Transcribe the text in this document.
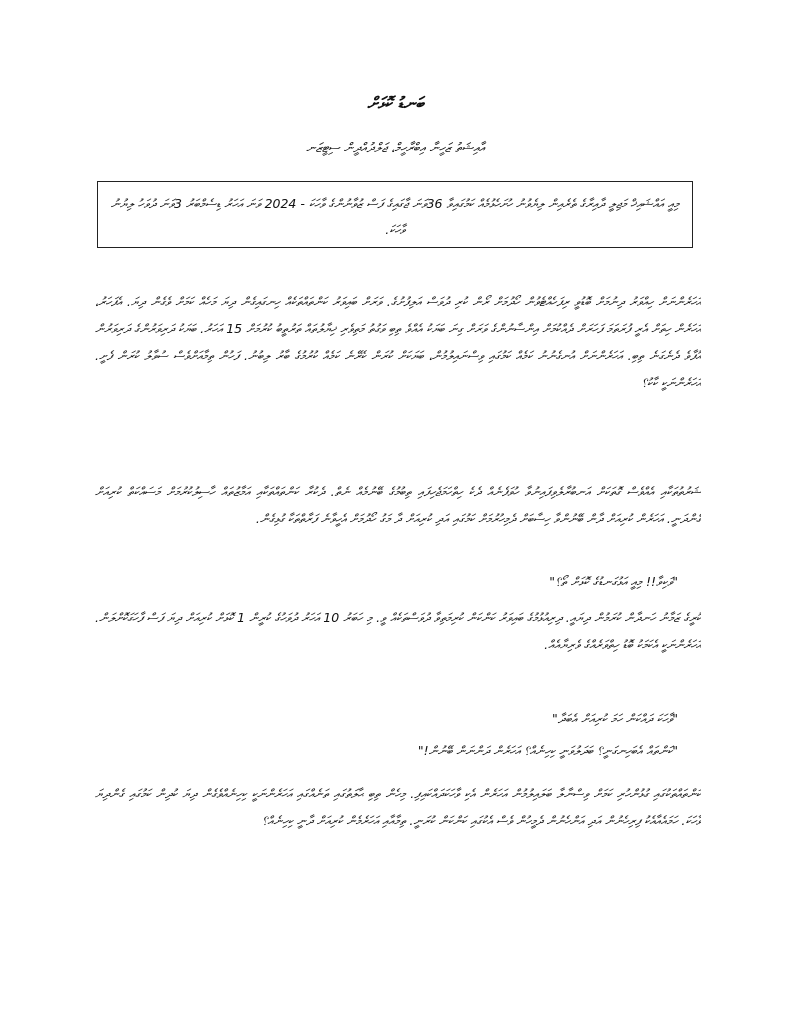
ބަނޑު ކޮޅަށް

އާއިޝަތު ޒަހީނާ އިބްރާހީމް، ޖަލްދުއްދީން ސިޓީޒަނ

މިއީ އައްޝައިޚް މަޖިލީ ދާއިރާގެ ތެރެއިން ލިޔެވުނު ހުށަހެޅުމެއް ކަމުގައިވާ 36ވަނަ ޖާގައިގެ ފަސް ޒުވާނުންގެ ވާހަކަ - 2024 ވަނަ އަހަރު ޑިސެމްބަރު 3ވަނަ ދުވަހު ލިޔުނު ވާހަކަ.

އަހަރެންނަށް ހިއްވަރު ދިނުމަށް ބޮޑުވީ ރިފަހެއްޓެވުން ހޯދުމަށް ރޯން ކުރި ދުވަސް އަލިފުށުގެ. ވަރަށް ބައިވަރު ކަންތައްތަކެއް ހިނގައިގެން ދިޔަ މަހެއް ކަމަށް ވެގެން ދިޔަ. އެފަހަރު، އަހަރެން ހިތަށް އެރީ ފުރަތަމަ ފަހަރަށް ދެއްކުމަށް އިންސާނުންގެ ވަރަށް ގިނަ ބަޔަކު އެއްވެ ތިބި ވަގުތު މަތިވެރި ޚިޔާލުތައް ތަރުތީބު ކުރުމަށް 15 އަހަރު. ބަޔަކު ދަރިވަރުންގެ ދަރިވަރުން އުފާވެ ދެނެގަނެ ތިބި. އަހަރެންނަށް އުނގެނުނު ކަމެއް ކަމުގައި ވިސްނައިލުމުން، ބަޔަކަށް ކުރަން ކެރޭނެ ކަމެއް ކުރުމުގެ ބާރު ލިބުނު. ފަހުން ތިމާއަށްވެސް ސުވާލު ކުރަން ފެށީ. އަހަރެންނަކީ ކާކު؟

ޝަރުތުތަކާއި އެއްވެސް ގޮތަކަށް އަނބުރާލެވިފައިނުވާ ހުވަފެނެއް ދެކެ ހިތްހަމަޖެހިފައި ތިބުމުގެ ބޭނުމެއް ނެތް. ދެކުރާ ކަންތައްތަކާއި އަމާޒުތައް ހާސިލުކުރުމަށް މަސައްކަތް ކުރިއަށް ގެންދަނީ. އަހަރެން ކުރިއަށް ދާން ބޭނުންވާ ހިސާބަށް ދެމިހުރުމަށް ކަމުގައި އަދި ކުރިއަށް ދާ މަގު ހޯދުމަށް އެހީވާނެ ފަރާތްތަކާ ގުޅިގެން.

"ވަކިވާ!! މިއީ އަޅުގަނޑުގެ ކޮޅަށް ތޯ؟"

ކުރީގެ ޒަމާނު ހަނދާން ކުރަމުން ދިޔައީ. ދިރިއުޅުމުގެ ބައިވަރު ކަންކަން ކުރިމަތިވާ ދުވަސްތަކެއް ވީ. މި ހަބަރު 10 އަހަރު ދުވަހުގެ ކުރީން 1 ކޮޅަށް ކުރިއަށް ދިޔަ ފަސް ފާހަގަކޮށްލަން. އަހަރެންނަކީ އެކަމަކު ބޮޑު ހިތްވަރެއްގެ ވެރިޔާއެއް.

"ވާހަކަ ދައްކަން ހަމަ ކުރިއަށް އެބަދާ"

"ކަންތައް އެބަހިނގަނީ؟ ބަދަލުވަނީ ކިހިނެއް؟ އަހަރެން ދަންނަން ބޭނުން!"

ކަންތައްތަކުގައި ގުޅުންހުރި ކަމަށް ވިސްނާލާ ބަލައިލުމުން އަހަރެން އެކި ވާހަކަދައްކައިފި. މިހެން ތިބި ޙާލަތުގައި ތަނެއްގައި އަހަރެންނަކީ ކިހިނެއްވެގެން ދިޔަ ކުދިން ކަމުގައި ގެންދިޔަ ވާހަކަ. ހަމައެއާއެކު ފިރިހެނުން އަދި އަންހެނުން ދެމީހުން ވެސް އެކުގައި ކަންކަން ކުރަނީ. ތިމާއާއި އަހަރެމެން ކުރިއަށް ދާނީ ކިހިނެއް؟
